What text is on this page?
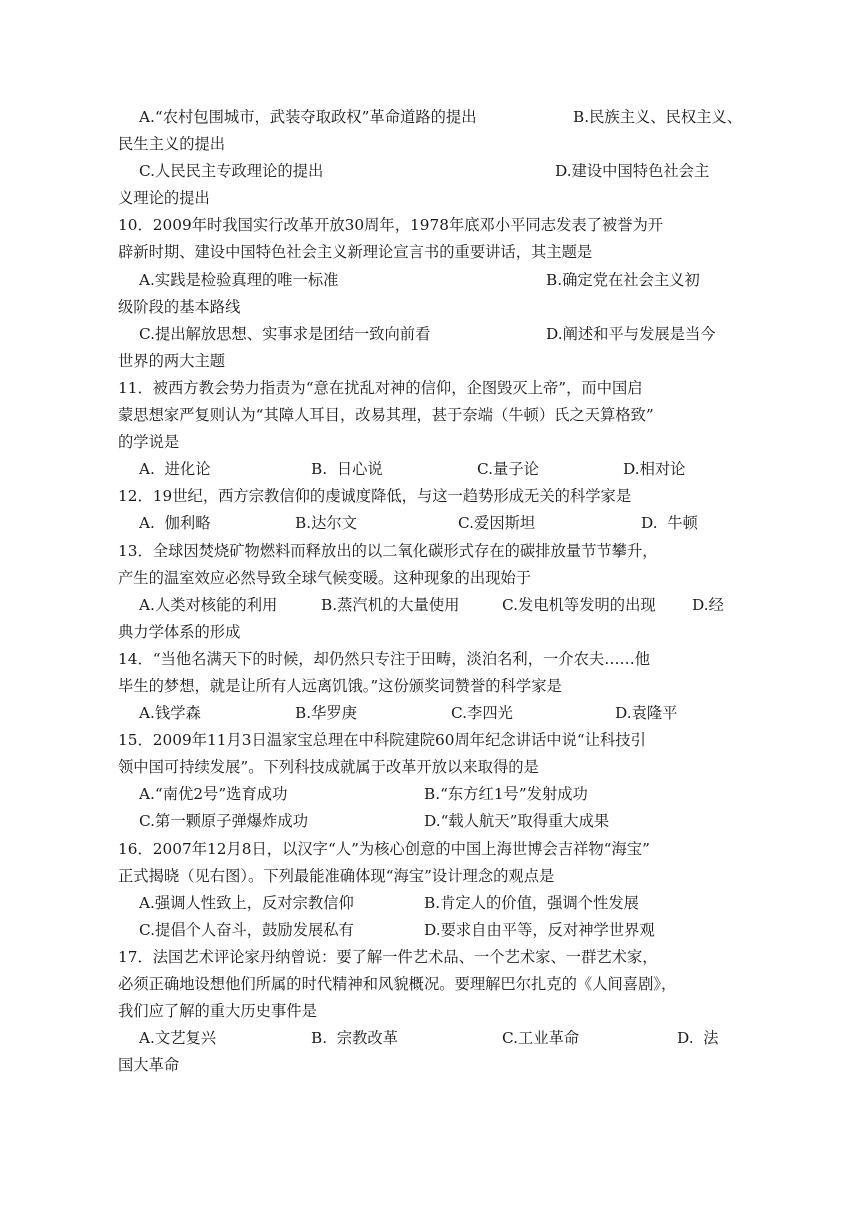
A.“农村包围城市，武装夺取政权”革命道路的提出	B.民族主义、民权主义、
民生主义的提出
C.人民民主专政理论的提出	D.建设中国特色社会主
义理论的提出
10．2009年时我国实行改革开放30周年，1978年底邓小平同志发表了被誉为开
辟新时期、建设中国特色社会主义新理论宣言书的重要讲话，其主题是
A.实践是检验真理的唯一标准	B.确定党在社会主义初
级阶段的基本路线
C.提出解放思想、实事求是团结一致向前看	D.阐述和平与发展是当今
世界的两大主题
11．被西方教会势力指责为“意在扰乱对神的信仰，企图毁灭上帝”，而中国启
蒙思想家严复则认为“其障人耳目，改易其理，甚于奈端（牛顿）氏之天算格致”
的学说是
A.  进化论	B.  日心说	C.量子论	D.相对论
12．19世纪，西方宗教信仰的虔诚度降低，与这一趋势形成无关的科学家是
A.  伽利略	B.达尔文	C.爱因斯坦	D.  牛顿
13．全球因焚烧矿物燃料而释放出的以二氧化碳形式存在的碳排放量节节攀升，
产生的温室效应必然导致全球气候变暖。这种现象的出现始于
A.人类对核能的利用	B.蒸汽机的大量使用	C.发电机等发明的出现 D.经
典力学体系的形成
14．“当他名满天下的时候，却仍然只专注于田畴，淡泊名利，一介农夫……他
毕生的梦想，就是让所有人远离饥饿。”这份颁奖词赞誉的科学家是
A.钱学森	B.华罗庚	C.李四光	D.袁隆平
15．2009年11月3日温家宝总理在中科院建院60周年纪念讲话中说“让科技引
领中国可持续发展”。下列科技成就属于改革开放以来取得的是
A.“南优2号”选育成功	B.“东方红1号”发射成功
C.第一颗原子弹爆炸成功	D.“载人航天”取得重大成果
16．2007年12月8日，以汉字“人”为核心创意的中国上海世博会吉祥物“海宝”
正式揭晓（见右图）。下列最能准确体现“海宝”设计理念的观点是
A.强调人性致上，反对宗教信仰	B.肯定人的价值，强调个性发展
C.提倡个人奋斗，鼓励发展私有	D.要求自由平等，反对神学世界观
17．法国艺术评论家丹纳曾说：要了解一件艺术品、一个艺术家、一群艺术家，
必须正确地设想他们所属的时代精神和风貌概况。要理解巴尔扎克的《人间喜剧》，
我们应了解的重大历史事件是
A.文艺复兴	B.  宗教改革	C.工业革命	D.  法
国大革命
